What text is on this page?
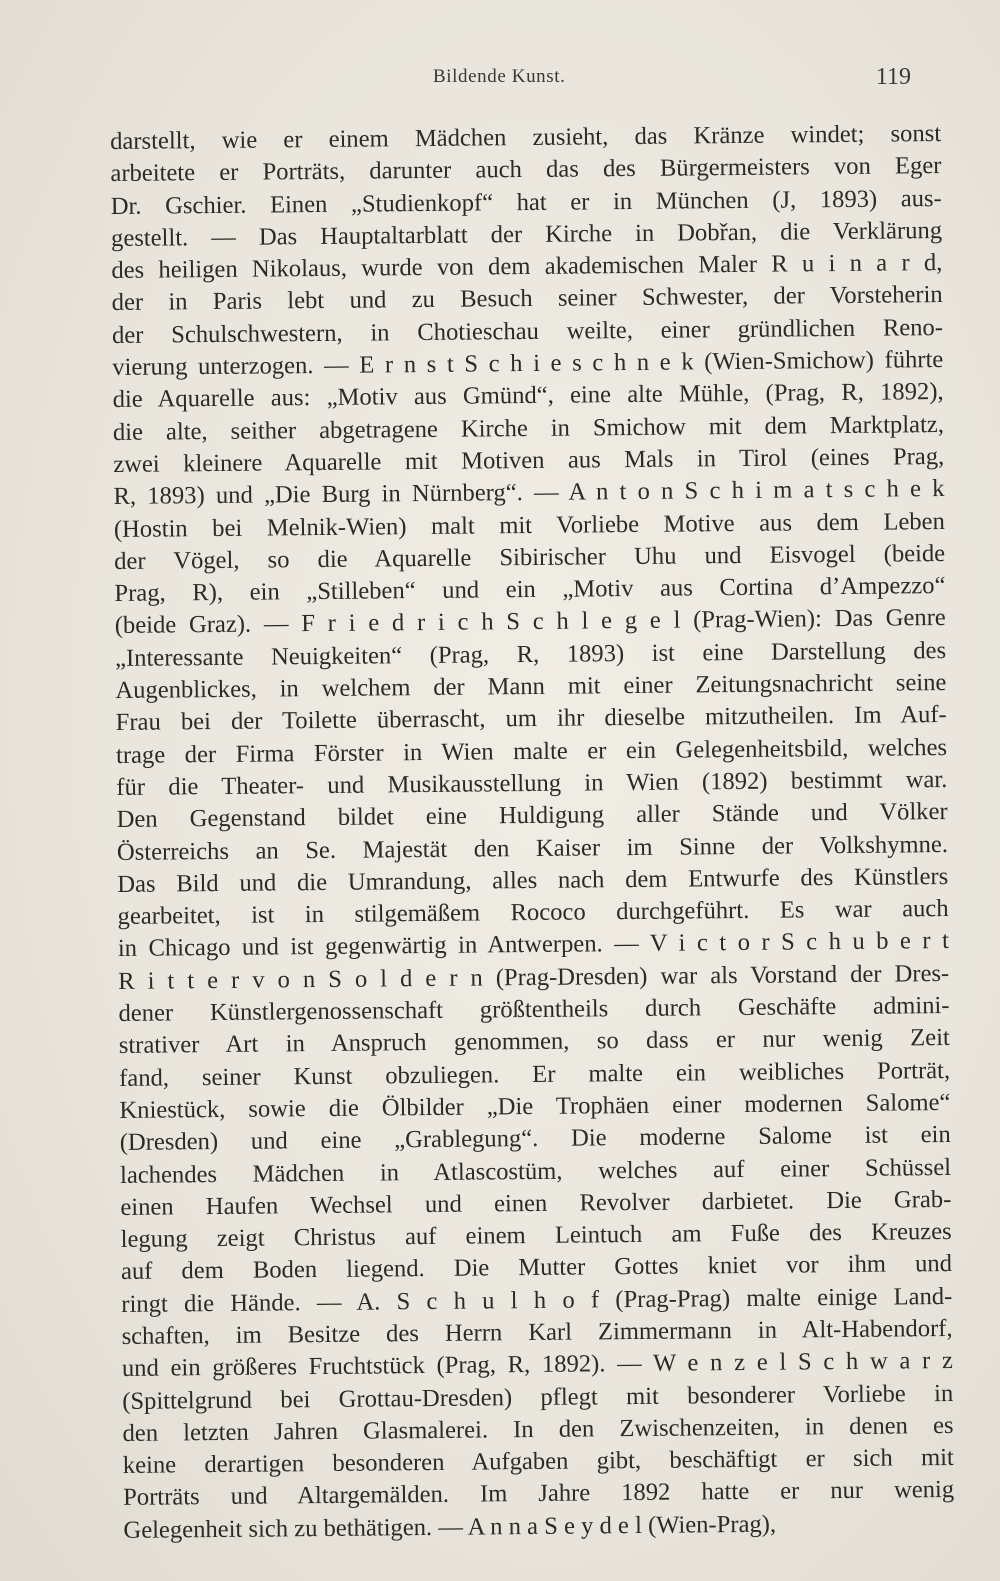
Bildende Kunst.	119
darstellt, wie er einem Mädchen zusieht, das Kränze windet; sonst
arbeitete er Porträts, darunter auch das des Bürgermeisters von Eger
Dr. Gschier. Einen „Studienkopf“ hat er in München (J, 1893) aus-
gestellt. — Das Hauptaltarblatt der Kirche in Dobřan, die Verklärung
des heiligen Nikolaus, wurde von dem akademischen Maler R u i n a r d,
der in Paris lebt und zu Besuch seiner Schwester, der Vorsteherin
der Schulschwestern, in Chotieschau weilte, einer gründlichen Reno-
vierung unterzogen. — E r n s t S c h i e s c h n e k (Wien-Smichow) führte
die Aquarelle aus: „Motiv aus Gmünd“, eine alte Mühle, (Prag, R, 1892),
die alte, seither abgetragene Kirche in Smichow mit dem Marktplatz,
zwei kleinere Aquarelle mit Motiven aus Mals in Tirol (eines Prag,
R, 1893) und „Die Burg in Nürnberg“. — A n t o n S c h i m a t s c h e k
(Hostin bei Melnik-Wien) malt mit Vorliebe Motive aus dem Leben
der Vögel, so die Aquarelle Sibirischer Uhu und Eisvogel (beide
Prag, R), ein „Stilleben“ und ein „Motiv aus Cortina d’Ampezzo“
(beide Graz). — F r i e d r i c h S c h l e g e l (Prag-Wien): Das Genre
„Interessante Neuigkeiten“ (Prag, R, 1893) ist eine Darstellung des
Augenblickes, in welchem der Mann mit einer Zeitungsnachricht seine
Frau bei der Toilette überrascht, um ihr dieselbe mitzutheilen. Im Auf-
trage der Firma Förster in Wien malte er ein Gelegenheitsbild, welches
für die Theater- und Musikausstellung in Wien (1892) bestimmt war.
Den Gegenstand bildet eine Huldigung aller Stände und Völker
Österreichs an Se. Majestät den Kaiser im Sinne der Volkshymne.
Das Bild und die Umrandung, alles nach dem Entwurfe des Künstlers
gearbeitet, ist in stilgemäßem Rococo durchgeführt. Es war auch
in Chicago und ist gegenwärtig in Antwerpen. — V i c t o r S c h u b e r t
R i t t e r v o n S o l d e r n (Prag-Dresden) war als Vorstand der Dres-
dener Künstlergenossenschaft größtentheils durch Geschäfte admini-
strativer Art in Anspruch genommen, so dass er nur wenig Zeit
fand, seiner Kunst obzuliegen. Er malte ein weibliches Porträt,
Kniestück, sowie die Ölbilder „Die Trophäen einer modernen Salome“
(Dresden) und eine „Grablegung“. Die moderne Salome ist ein
lachendes Mädchen in Atlascostüm, welches auf einer Schüssel
einen Haufen Wechsel und einen Revolver darbietet. Die Grab-
legung zeigt Christus auf einem Leintuch am Fuße des Kreuzes
auf dem Boden liegend. Die Mutter Gottes kniet vor ihm und
ringt die Hände. — A. S c h u l h o f (Prag-Prag) malte einige Land-
schaften, im Besitze des Herrn Karl Zimmermann in Alt-Habendorf,
und ein größeres Fruchtstück (Prag, R, 1892). — W e n z e l S c h w a r z
(Spittelgrund bei Grottau-Dresden) pflegt mit besonderer Vorliebe in
den letzten Jahren Glasmalerei. In den Zwischenzeiten, in denen es
keine derartigen besonderen Aufgaben gibt, beschäftigt er sich mit
Porträts und Altargemälden. Im Jahre 1892 hatte er nur wenig
Gelegenheit sich zu bethätigen. — A n n a S e y d e l (Wien-Prag),
